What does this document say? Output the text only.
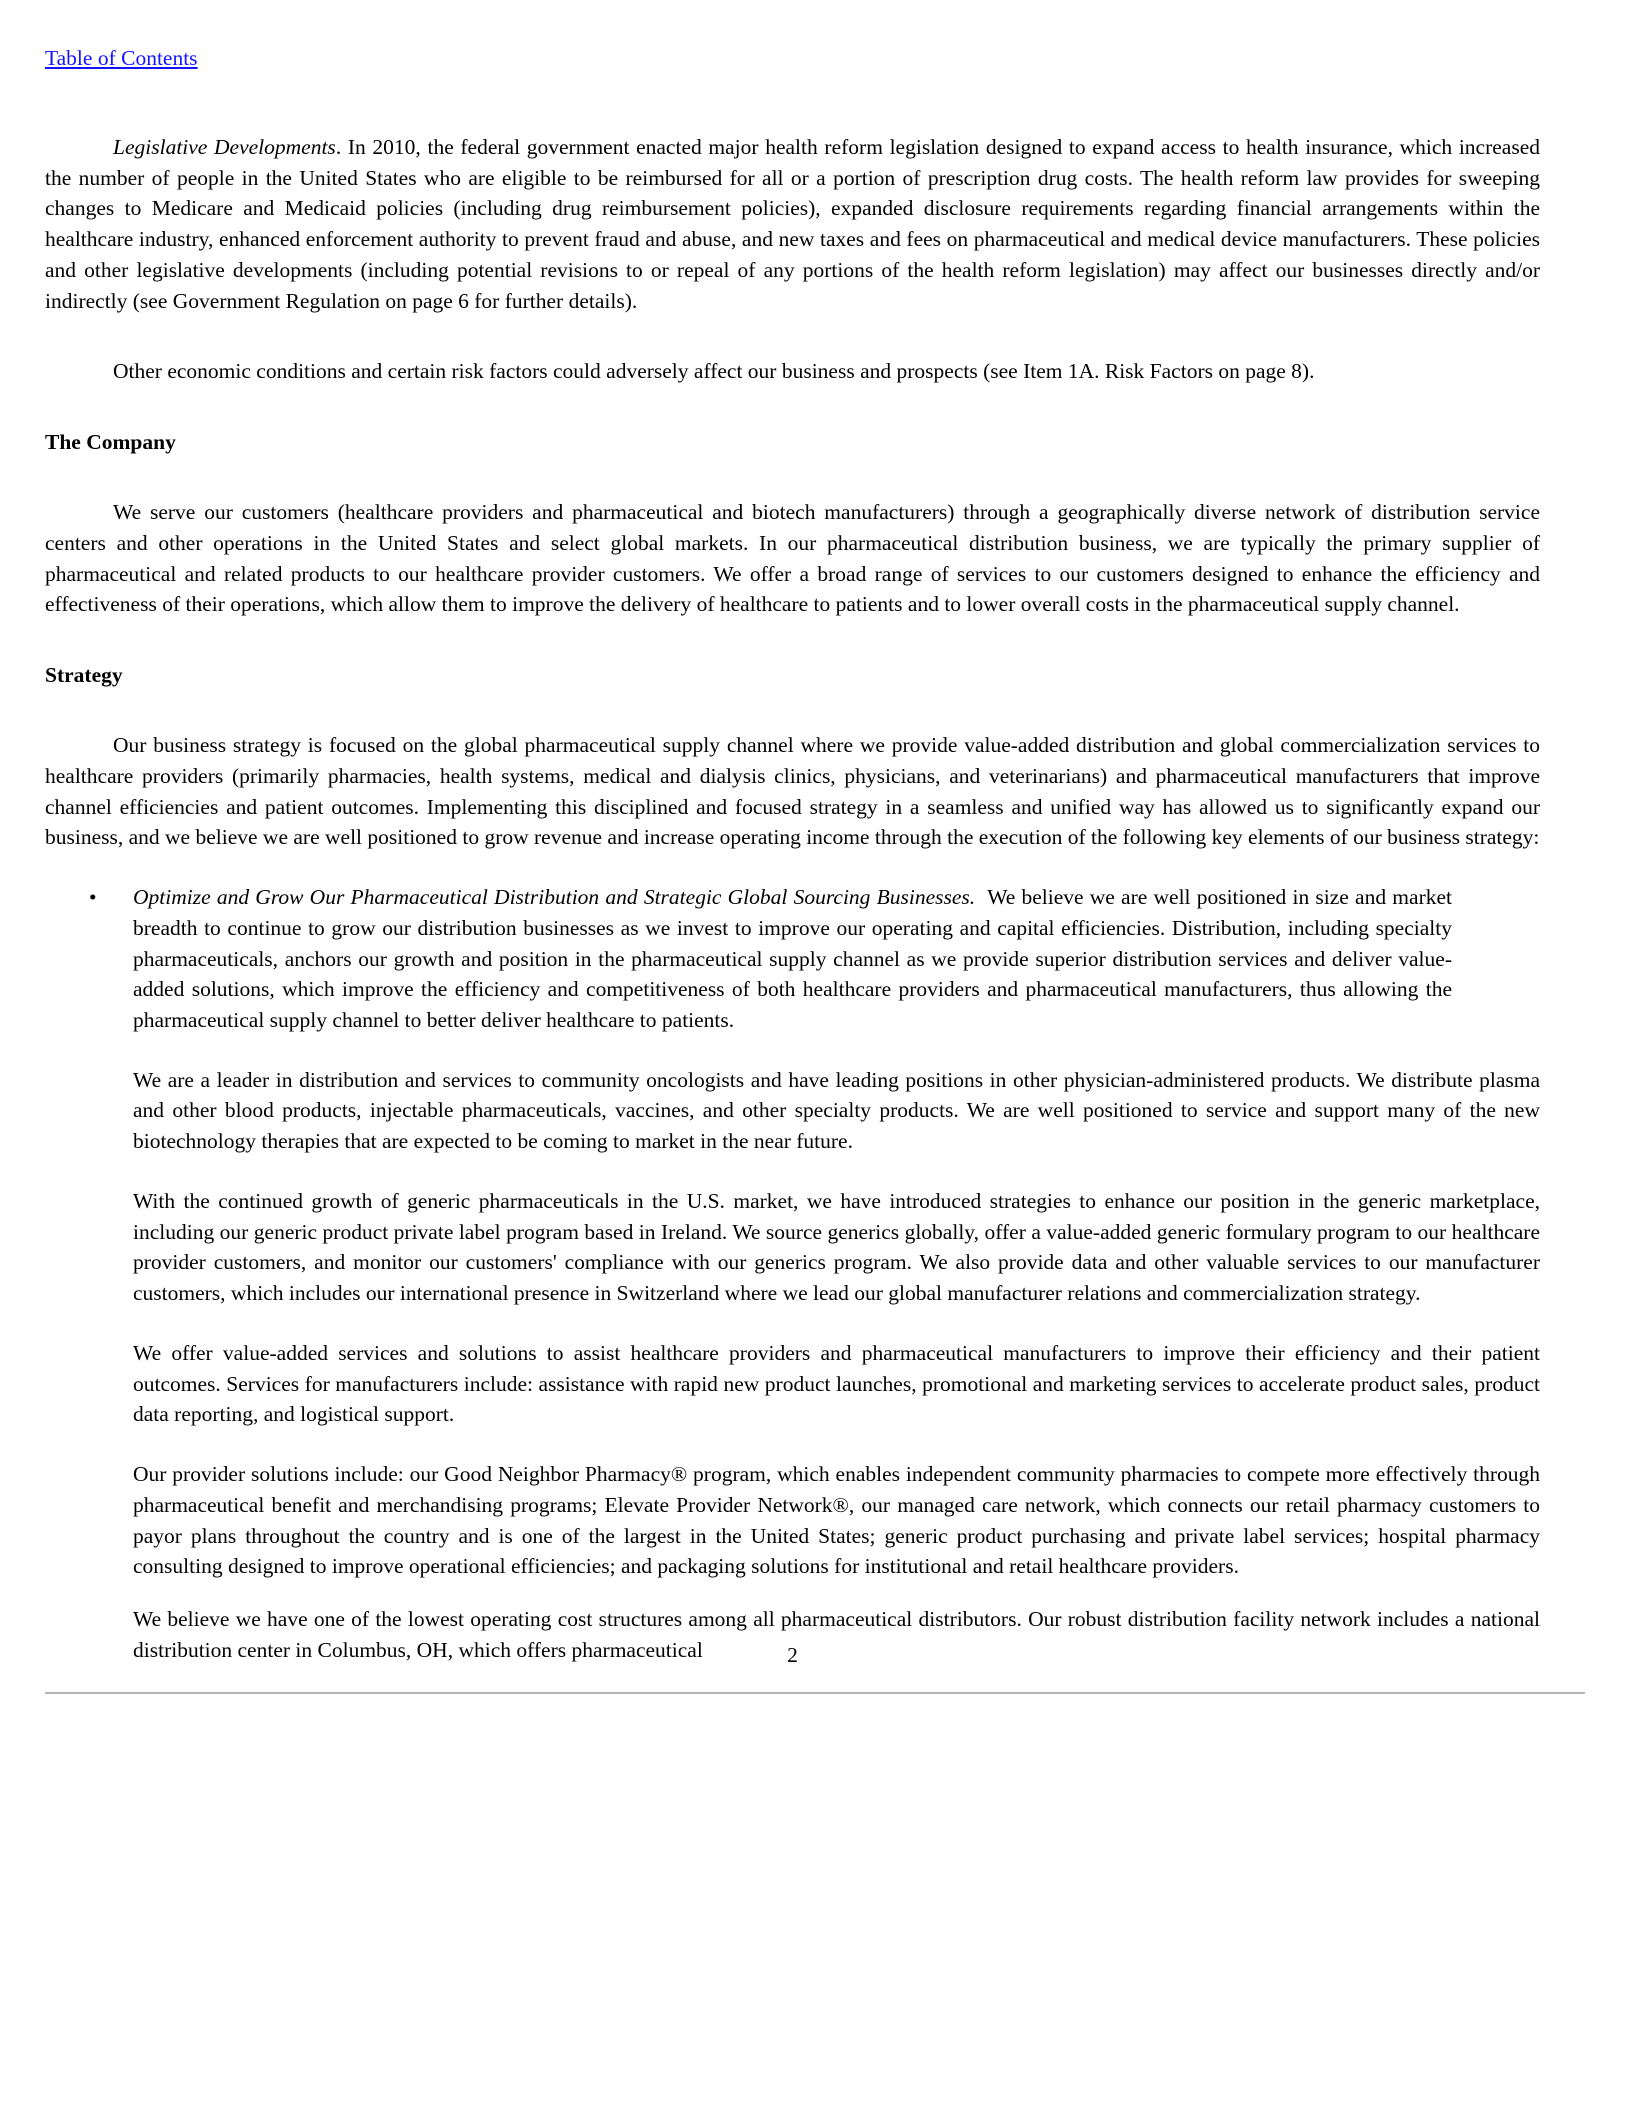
Table of Contents

Legislative Developments. In 2010, the federal government enacted major health reform legislation designed to expand access to health insurance, which increased the number of people in the United States who are eligible to be reimbursed for all or a portion of prescription drug costs. The health reform law provides for sweeping changes to Medicare and Medicaid policies (including drug reimbursement policies), expanded disclosure requirements regarding financial arrangements within the healthcare industry, enhanced enforcement authority to prevent fraud and abuse, and new taxes and fees on pharmaceutical and medical device manufacturers. These policies and other legislative developments (including potential revisions to or repeal of any portions of the health reform legislation) may affect our businesses directly and/or indirectly (see Government Regulation on page 6 for further details).

Other economic conditions and certain risk factors could adversely affect our business and prospects (see Item 1A. Risk Factors on page 8).

The Company

We serve our customers (healthcare providers and pharmaceutical and biotech manufacturers) through a geographically diverse network of distribution service centers and other operations in the United States and select global markets. In our pharmaceutical distribution business, we are typically the primary supplier of pharmaceutical and related products to our healthcare provider customers. We offer a broad range of services to our customers designed to enhance the efficiency and effectiveness of their operations, which allow them to improve the delivery of healthcare to patients and to lower overall costs in the pharmaceutical supply channel.

Strategy

Our business strategy is focused on the global pharmaceutical supply channel where we provide value-added distribution and global commercialization services to healthcare providers (primarily pharmacies, health systems, medical and dialysis clinics, physicians, and veterinarians) and pharmaceutical manufacturers that improve channel efficiencies and patient outcomes. Implementing this disciplined and focused strategy in a seamless and unified way has allowed us to significantly expand our business, and we believe we are well positioned to grow revenue and increase operating income through the execution of the following key elements of our business strategy:

• Optimize and Grow Our Pharmaceutical Distribution and Strategic Global Sourcing Businesses. We believe we are well positioned in size and market breadth to continue to grow our distribution businesses as we invest to improve our operating and capital efficiencies. Distribution, including specialty pharmaceuticals, anchors our growth and position in the pharmaceutical supply channel as we provide superior distribution services and deliver value-added solutions, which improve the efficiency and competitiveness of both healthcare providers and pharmaceutical manufacturers, thus allowing the pharmaceutical supply channel to better deliver healthcare to patients.

We are a leader in distribution and services to community oncologists and have leading positions in other physician-administered products. We distribute plasma and other blood products, injectable pharmaceuticals, vaccines, and other specialty products. We are well positioned to service and support many of the new biotechnology therapies that are expected to be coming to market in the near future.

With the continued growth of generic pharmaceuticals in the U.S. market, we have introduced strategies to enhance our position in the generic marketplace, including our generic product private label program based in Ireland. We source generics globally, offer a value-added generic formulary program to our healthcare provider customers, and monitor our customers' compliance with our generics program. We also provide data and other valuable services to our manufacturer customers, which includes our international presence in Switzerland where we lead our global manufacturer relations and commercialization strategy.

We offer value-added services and solutions to assist healthcare providers and pharmaceutical manufacturers to improve their efficiency and their patient outcomes. Services for manufacturers include: assistance with rapid new product launches, promotional and marketing services to accelerate product sales, product data reporting, and logistical support.

Our provider solutions include: our Good Neighbor Pharmacy® program, which enables independent community pharmacies to compete more effectively through pharmaceutical benefit and merchandising programs; Elevate Provider Network®, our managed care network, which connects our retail pharmacy customers to payor plans throughout the country and is one of the largest in the United States; generic product purchasing and private label services; hospital pharmacy consulting designed to improve operational efficiencies; and packaging solutions for institutional and retail healthcare providers.

We believe we have one of the lowest operating cost structures among all pharmaceutical distributors. Our robust distribution facility network includes a national distribution center in Columbus, OH, which offers pharmaceutical	2
